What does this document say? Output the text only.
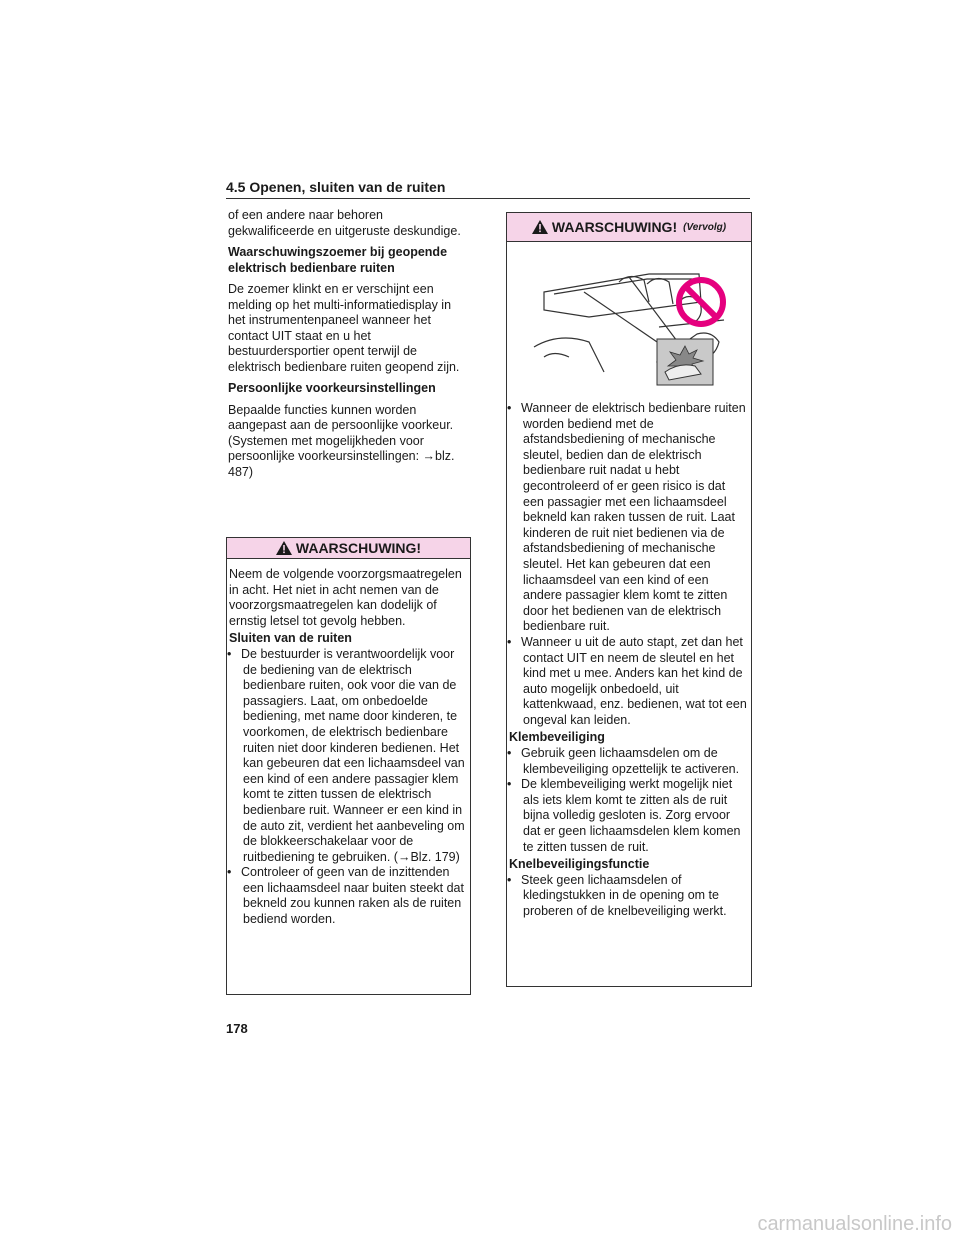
4.5 Openen, sluiten van de ruiten

of een andere naar behoren gekwalificeerde en uitgeruste deskundige.

Waarschuwingszoemer bij geopende elektrisch bedienbare ruiten

De zoemer klinkt en er verschijnt een melding op het multi-informatiedisplay in het instrumentenpaneel wanneer het contact UIT staat en u het bestuurdersportier opent terwijl de elektrisch bedienbare ruiten geopend zijn.

Persoonlijke voorkeursinstellingen

Bepaalde functies kunnen worden aangepast aan de persoonlijke voorkeur. (Systemen met mogelijkheden voor persoonlijke voorkeursinstellingen: →blz. 487)

WAARSCHUWING!

Neem de volgende voorzorgsmaatregelen in acht. Het niet in acht nemen van de voorzorgsmaatregelen kan dodelijk of ernstig letsel tot gevolg hebben.

Sluiten van de ruiten

• De bestuurder is verantwoordelijk voor de bediening van de elektrisch bedienbare ruiten, ook voor die van de passagiers. Laat, om onbedoelde bediening, met name door kinderen, te voorkomen, de elektrisch bedienbare ruiten niet door kinderen bedienen. Het kan gebeuren dat een lichaamsdeel van een kind of een andere passagier klem komt te zitten tussen de elektrisch bedienbare ruit. Wanneer er een kind in de auto zit, verdient het aanbeveling om de blokkeerschakelaar voor de ruitbediening te gebruiken. (→Blz. 179)
• Controleer of geen van de inzittenden een lichaamsdeel naar buiten steekt dat bekneld zou kunnen raken als de ruiten bediend worden.
WAARSCHUWING! (Vervolg)
• Wanneer de elektrisch bedienbare ruiten worden bediend met de afstandsbediening of mechanische sleutel, bedien dan de elektrisch bedienbare ruit nadat u hebt gecontroleerd of er geen risico is dat een passagier met een lichaamsdeel bekneld kan raken tussen de ruit. Laat kinderen de ruit niet bedienen via de afstandsbediening of mechanische sleutel. Het kan gebeuren dat een lichaamsdeel van een kind of een andere passagier klem komt te zitten door het bedienen van de elektrisch bedienbare ruit.
• Wanneer u uit de auto stapt, zet dan het contact UIT en neem de sleutel en het kind met u mee. Anders kan het kind de auto mogelijk onbedoeld, uit kattenkwaad, enz. bedienen, wat tot een ongeval kan leiden.

Klembeveiliging

• Gebruik geen lichaamsdelen om de klembeveiliging opzettelijk te activeren.
• De klembeveiliging werkt mogelijk niet als iets klem komt te zitten als de ruit bijna volledig gesloten is. Zorg ervoor dat er geen lichaamsdelen klem komen te zitten tussen de ruit.

Knelbeveiligingsfunctie

• Steek geen lichaamsdelen of kledingstukken in de opening om te proberen of de knelbeveiliging werkt.
178
carmanualsonline.info
